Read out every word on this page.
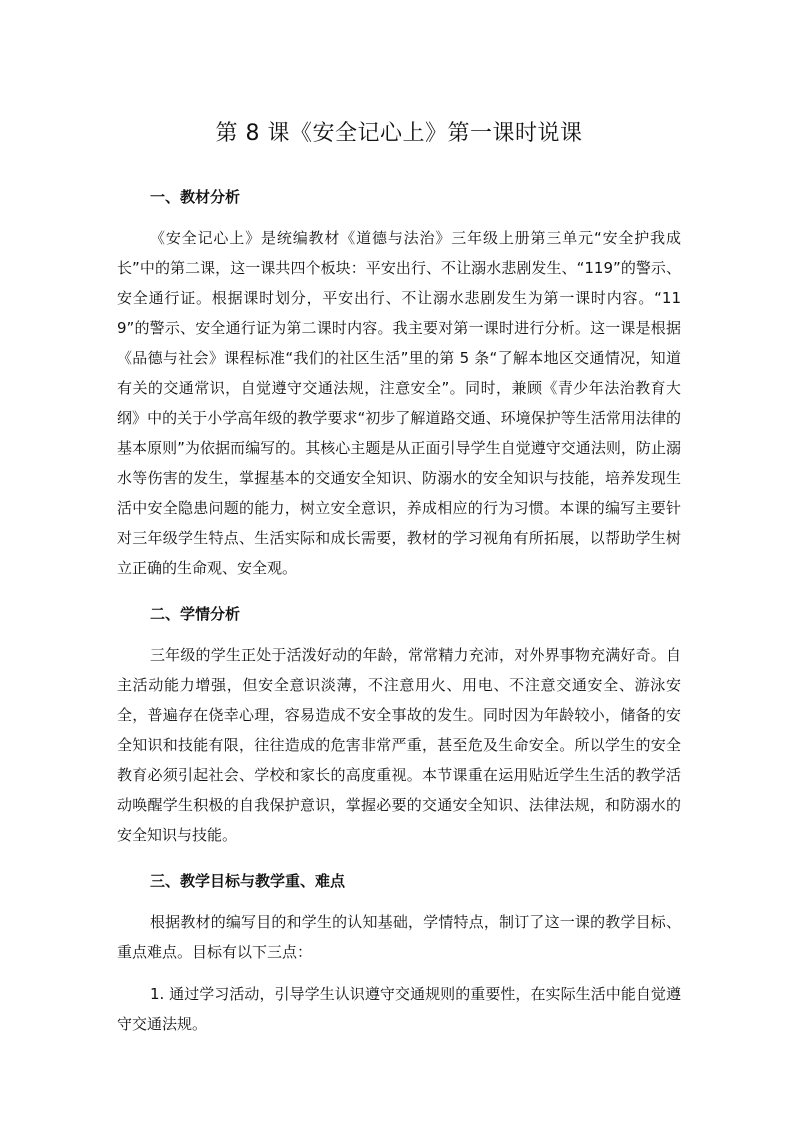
第 8 课《安全记心上》第一课时说课
一、教材分析

《安全记心上》是统编教材《道德与法治》三年级上册第三单元“安全护我成长”中的第二课，这一课共四个板块：平安出行、不让溺水悲剧发生、“119”的警示、安全通行证。根据课时划分，平安出行、不让溺水悲剧发生为第一课时内容。“119”的警示、安全通行证为第二课时内容。我主要对第一课时进行分析。这一课是根据《品德与社会》课程标准“我们的社区生活”里的第 5 条“了解本地区交通情况，知道有关的交通常识，自觉遵守交通法规，注意安全”。同时，兼顾《青少年法治教育大纲》中的关于小学高年级的教学要求“初步了解道路交通、环境保护等生活常用法律的基本原则”为依据而编写的。其核心主题是从正面引导学生自觉遵守交通法则，防止溺水等伤害的发生，掌握基本的交通安全知识、防溺水的安全知识与技能，培养发现生活中安全隐患问题的能力，树立安全意识，养成相应的行为习惯。本课的编写主要针对三年级学生特点、生活实际和成长需要，教材的学习视角有所拓展，以帮助学生树立正确的生命观、安全观。

二、学情分析

三年级的学生正处于活泼好动的年龄，常常精力充沛，对外界事物充满好奇。自主活动能力增强，但安全意识淡薄，不注意用火、用电、不注意交通安全、游泳安全，普遍存在侥幸心理，容易造成不安全事故的发生。同时因为年龄较小，储备的安全知识和技能有限，往往造成的危害非常严重，甚至危及生命安全。所以学生的安全教育必须引起社会、学校和家长的高度重视。本节课重在运用贴近学生生活的教学活动唤醒学生积极的自我保护意识，掌握必要的交通安全知识、法律法规，和防溺水的安全知识与技能。

三、教学目标与教学重、难点

根据教材的编写目的和学生的认知基础，学情特点，制订了这一课的教学目标、重点难点。目标有以下三点：

1. 通过学习活动，引导学生认识遵守交通规则的重要性，在实际生活中能自觉遵守交通法规。
